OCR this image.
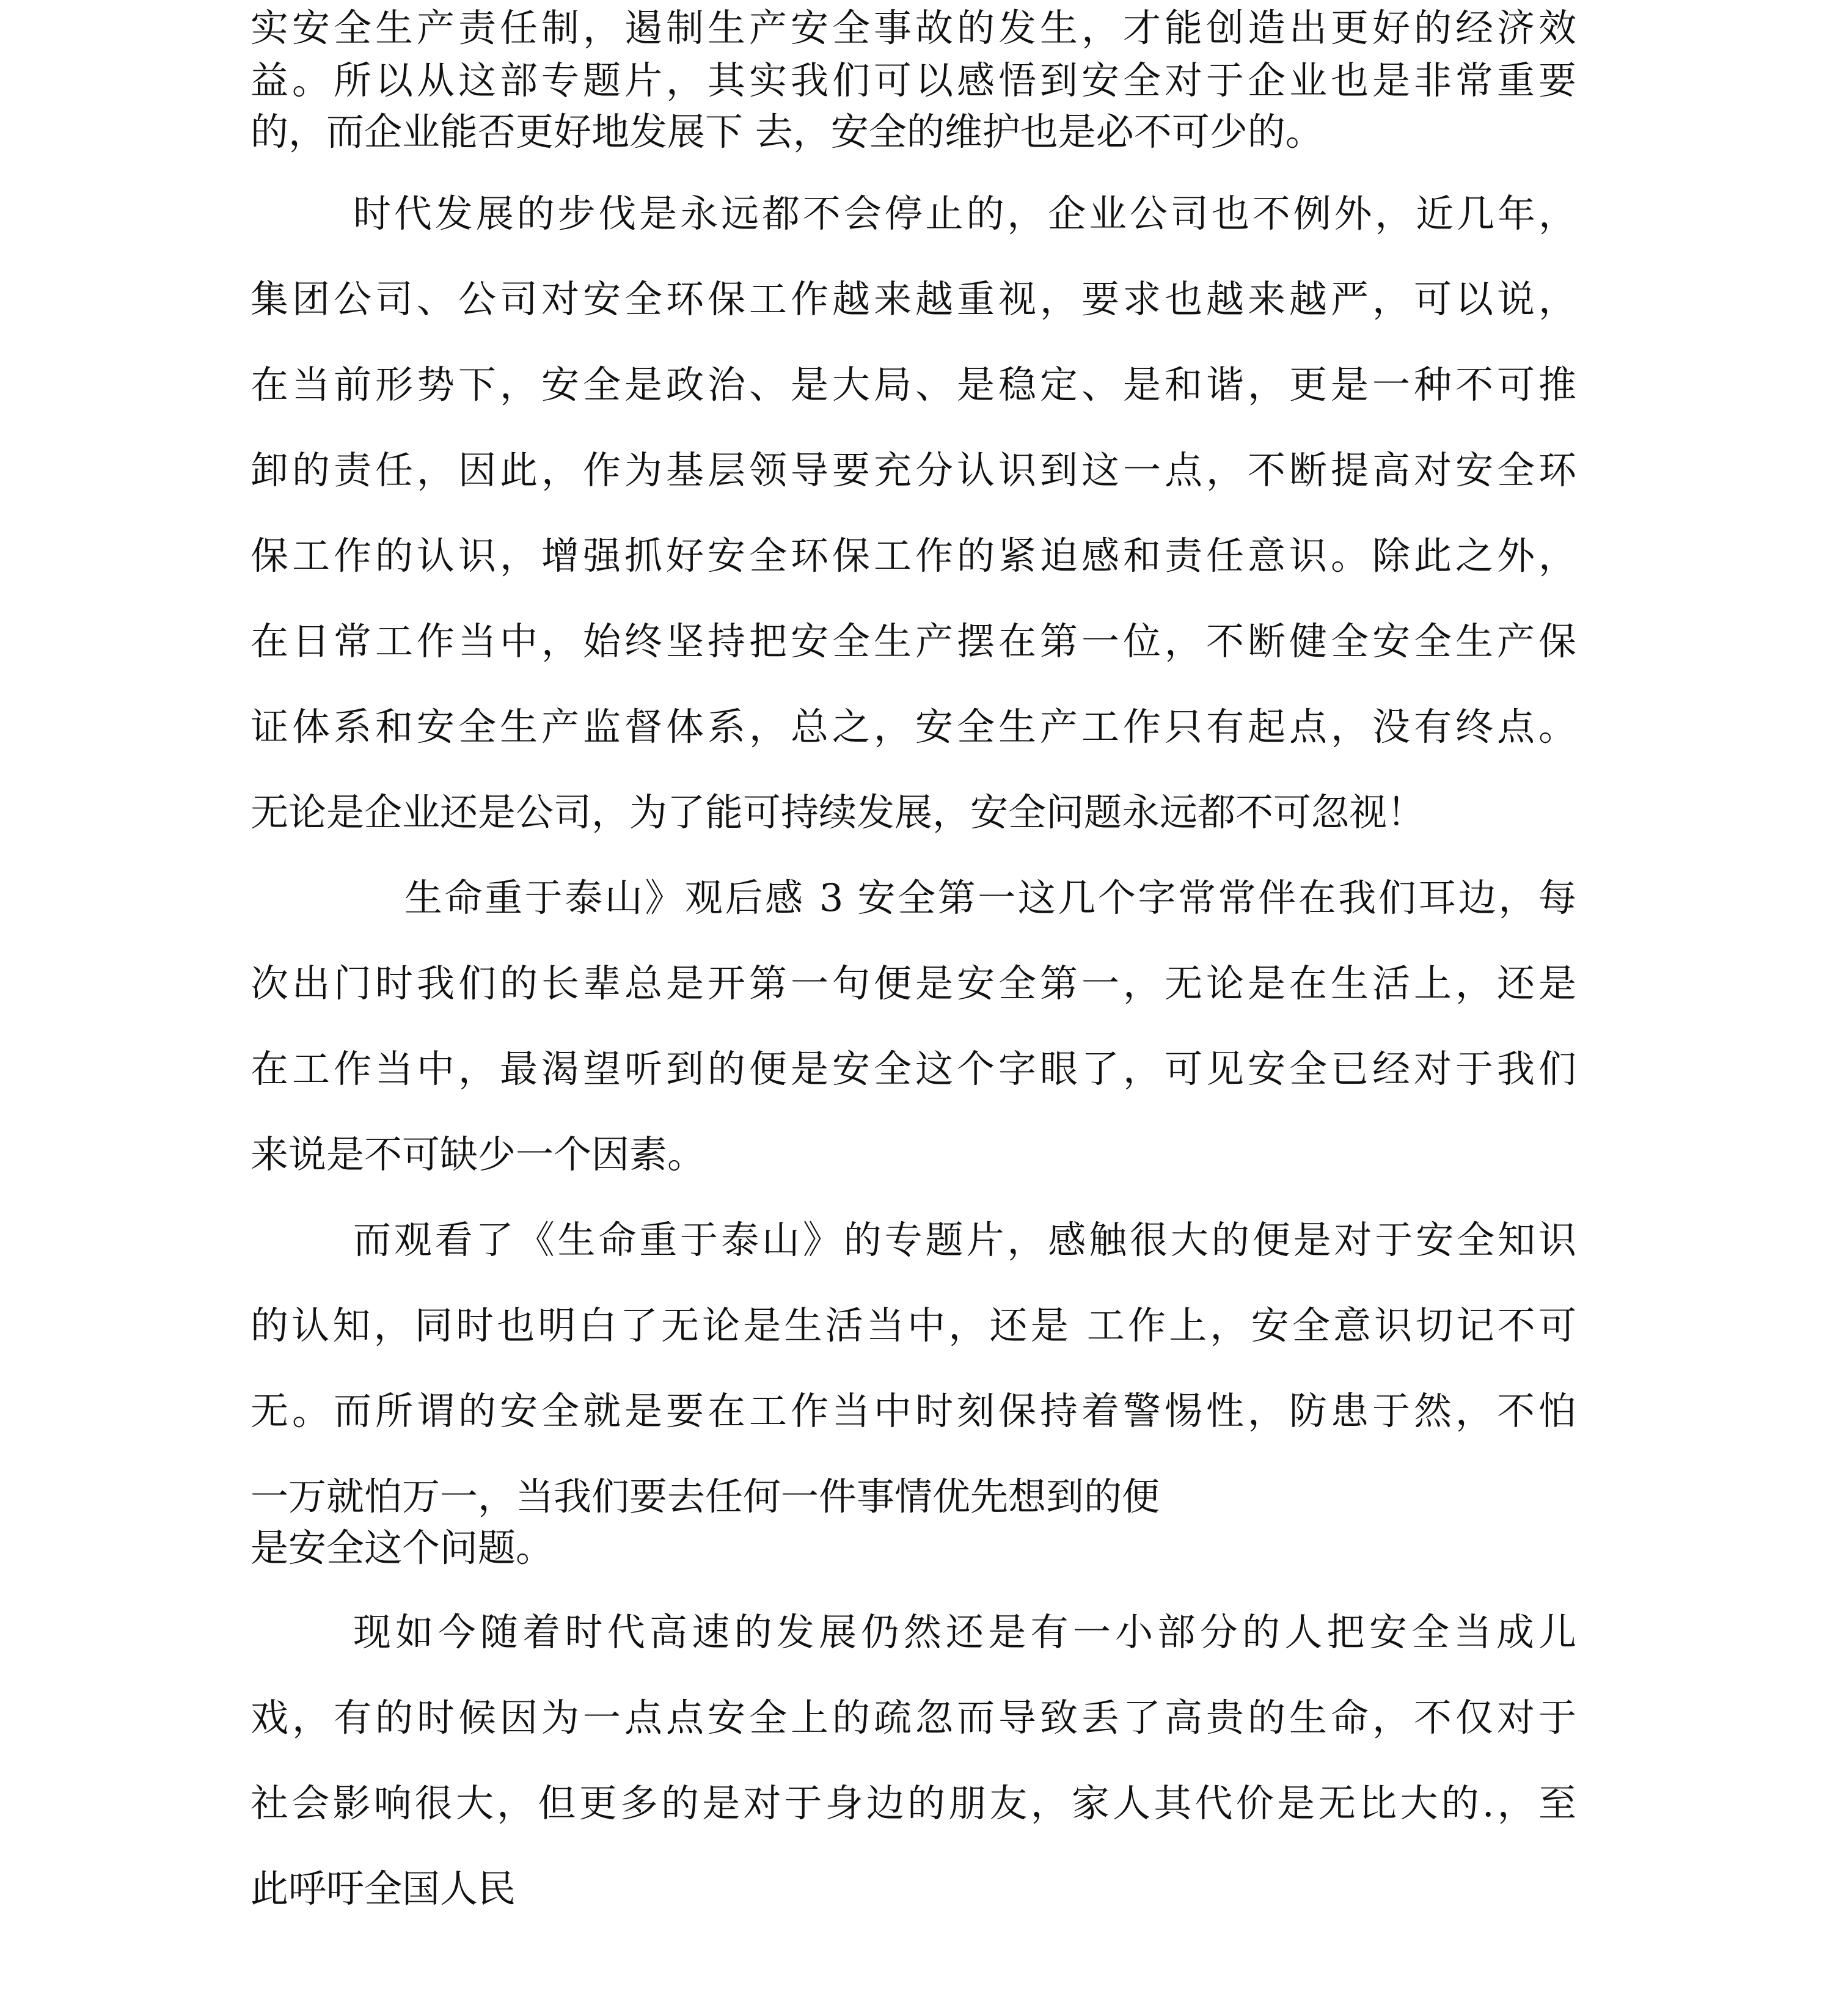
实安全生产责任制，遏制生产安全事故的发生，才能创造出更好的经济效

益。所以从这部专题片，其实我们可以感悟到安全对于企业也是非常重要

的，而企业能否更好地发展下 去，安全的维护也是必不可少的。

时代发展的步伐是永远都不会停止的，企业公司也不例外，近几年，

集团公司、公司对安全环保工作越来越重视，要求也越来越严，可以说，

在当前形势下，安全是政治、是大局、是稳定、是和谐，更是一种不可推

卸的责任，因此，作为基层领导要充分认识到这一点，不断提高对安全环

保工作的认识，增强抓好安全环保工作的紧迫感和责任意识。除此之外，

在日常工作当中，始终坚持把安全生产摆在第一位，不断健全安全生产保

证体系和安全生产监督体系，总之，安全生产工作只有起点，没有终点。

无论是企业还是公司，为了能可持续发展，安全问题永远都不可忽视！

生命重于泰山》观后感 3 安全第一这几个字常常伴在我们耳边，每

次出门时我们的长辈总是开第一句便是安全第一，无论是在生活上，还是

在工作当中，最渴望听到的便是安全这个字眼了，可见安全已经对于我们

来说是不可缺少一个因素。

而观看了《生命重于泰山》的专题片，感触很大的便是对于安全知识

的认知，同时也明白了无论是生活当中，还是 工作上，安全意识切记不可

无。而所谓的安全就是要在工作当中时刻保持着警惕性，防患于然，不怕

一万就怕万一，当我们要去任何一件事情优先想到的便

是安全这个问题。

现如今随着时代高速的发展仍然还是有一小部分的人把安全当成儿

戏，有的时候因为一点点安全上的疏忽而导致丢了高贵的生命，不仅对于

社会影响很大，但更多的是对于身边的朋友，家人其代价是无比大的.，至

此呼吁全国人民
